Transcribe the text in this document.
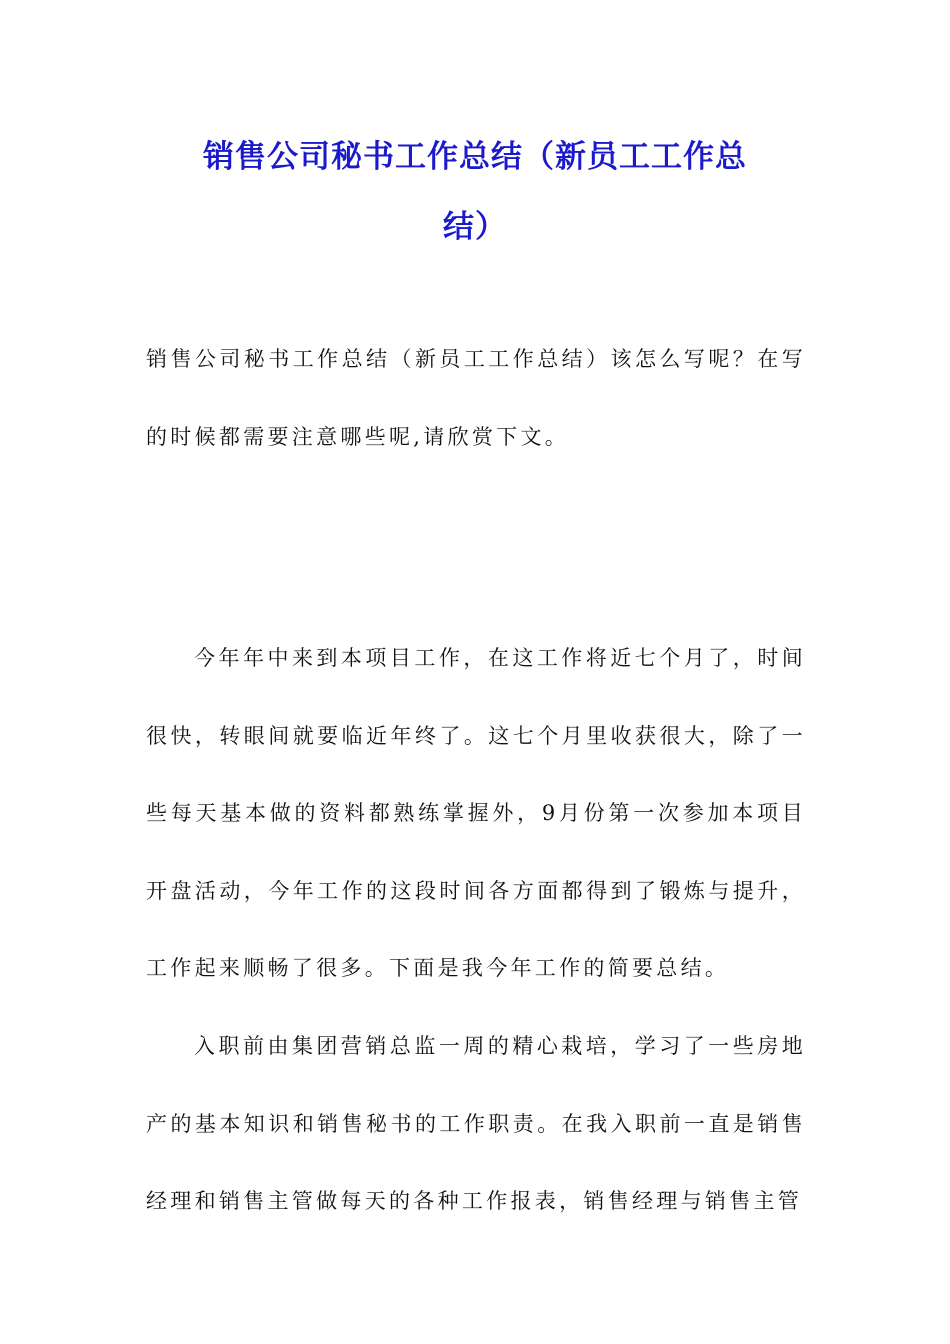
销售公司秘书工作总结（新员工工作总
结）

销售公司秘书工作总结（新员工工作总结）该怎么写呢？在写的时候都需要注意哪些呢,请欣赏下文。

今年年中来到本项目工作，在这工作将近七个月了，时间很快，转眼间就要临近年终了。这七个月里收获很大，除了一些每天基本做的资料都熟练掌握外，9月份第一次参加本项目开盘活动，今年工作的这段时间各方面都得到了锻炼与提升，工作起来顺畅了很多。下面是我今年工作的简要总结。

入职前由集团营销总监一周的精心栽培，学习了一些房地产的基本知识和销售秘书的工作职责。在我入职前一直是销售经理和销售主管做每天的各种工作报表，销售经理与销售主管
